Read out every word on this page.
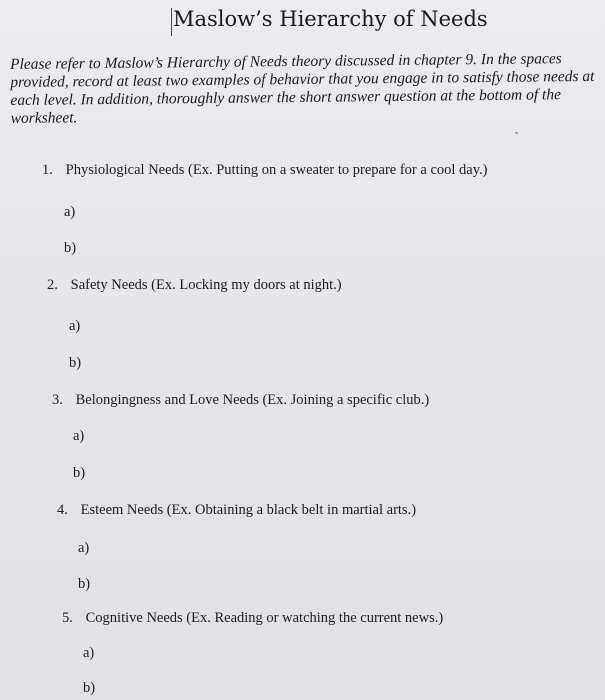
Maslow’s Hierarchy of Needs
Please refer to Maslow’s Hierarchy of Needs theory discussed in chapter 9. In the spaces provided, record at least two examples of behavior that you engage in to satisfy those needs at each level. In addition, thoroughly answer the short answer question at the bottom of the worksheet.
1. Physiological Needs (Ex. Putting on a sweater to prepare for a cool day.)
a)
b)
2. Safety Needs (Ex. Locking my doors at night.)
a)
b)
3. Belongingness and Love Needs (Ex. Joining a specific club.)
a)
b)
4. Esteem Needs (Ex. Obtaining a black belt in martial arts.)
a)
b)
5. Cognitive Needs (Ex. Reading or watching the current news.)
a)
b)
